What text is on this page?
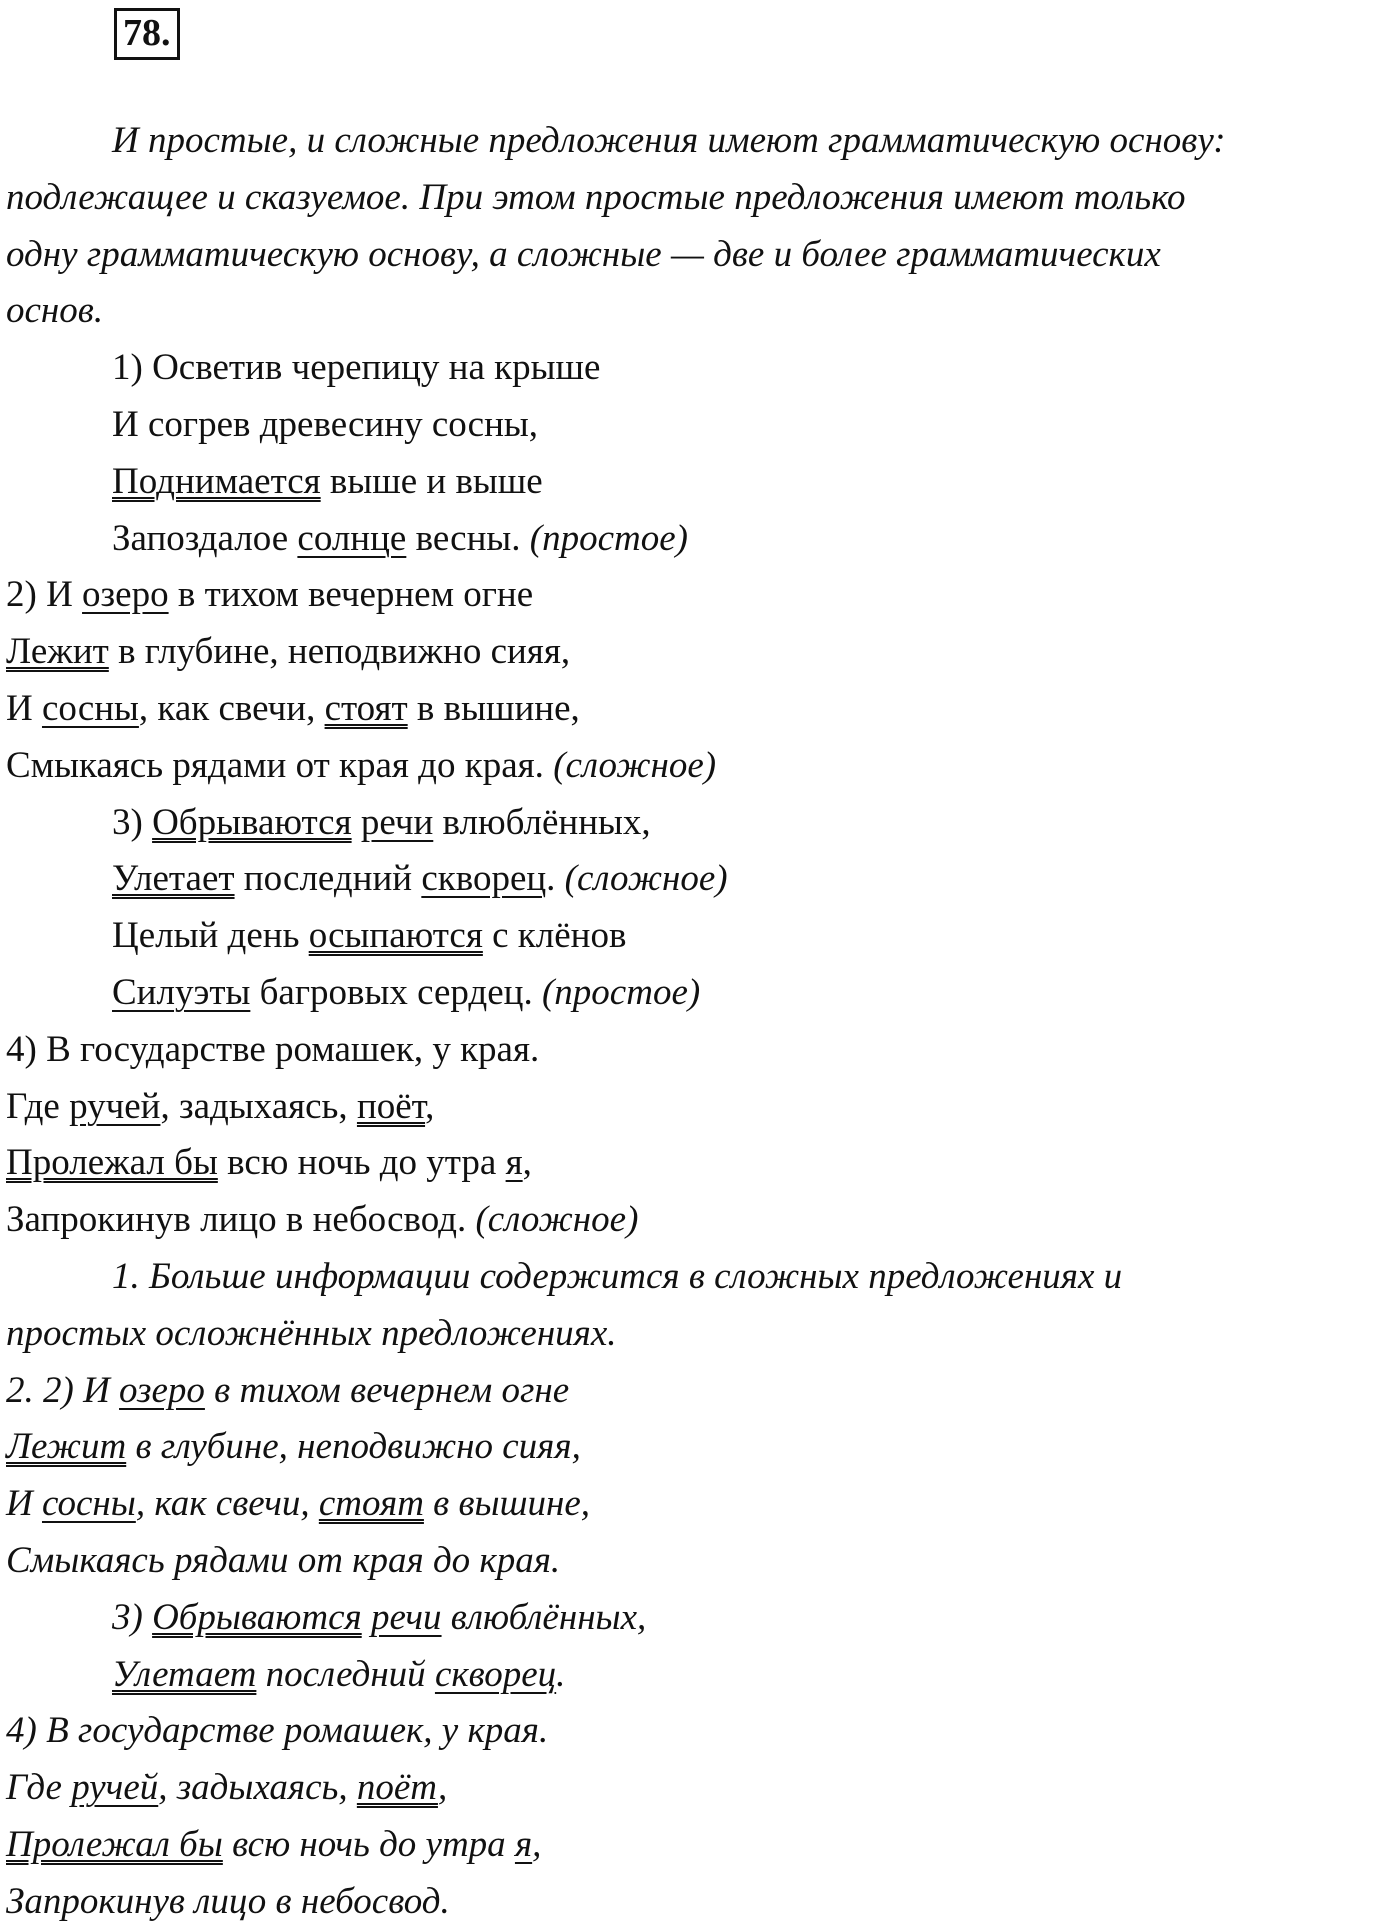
78.
И простые, и сложные предложения имеют грамматическую основу:
подлежащее и сказуемое. При этом простые предложения имеют только
одну грамматическую основу, а сложные — две и более грамматических
основ.
1) Осветив черепицу на крыше
И согрев древесину сосны,
Поднимается выше и выше
Запоздалое солнце весны. (простое)
2) И озеро в тихом вечернем огне
Лежит в глубине, неподвижно сияя,
И сосны, как свечи, стоят в вышине,
Смыкаясь рядами от края до края. (сложное)
3) Обрываются речи влюблённых,
Улетает последний скворец. (сложное)
Целый день осыпаются с клёнов
Силуэты багровых сердец. (простое)
4) В государстве ромашек, у края.
Где ручей, задыхаясь, поёт,
Пролежал бы всю ночь до утра я,
Запрокинув лицо в небосвод. (сложное)
1. Больше информации содержится в сложных предложениях и
простых осложнённых предложениях.
2. 2) И озеро в тихом вечернем огне
Лежит в глубине, неподвижно сияя,
И сосны, как свечи, стоят в вышине,
Смыкаясь рядами от края до края.
3) Обрываются речи влюблённых,
Улетает последний скворец.
4) В государстве ромашек, у края.
Где ручей, задыхаясь, поёт,
Пролежал бы всю ночь до утра я,
Запрокинув лицо в небосвод.
